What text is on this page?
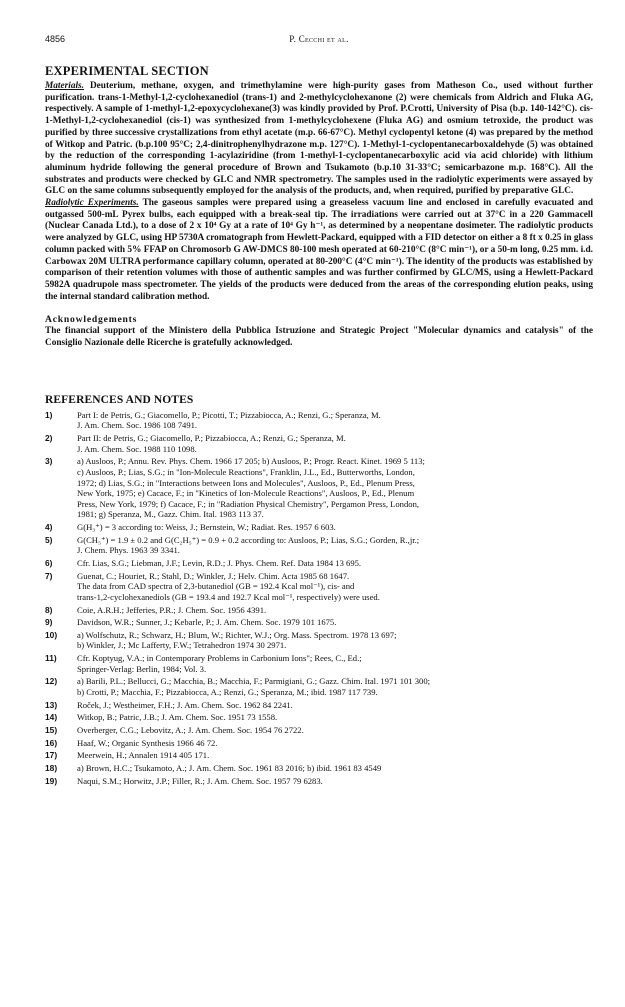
4856	P. Cecchi et al.
EXPERIMENTAL SECTION

Materials. Deuterium, methane, oxygen, and trimethylamine were high-purity gases from Matheson Co., used without further purification. trans-1-Methyl-1,2-cyclohexanediol (trans-1) and 2-methylcyclohexanone (2) were chemicals from Aldrich and Fluka AG, respectively. A sample of 1-methyl-1,2-epoxycyclohexane(3) was kindly provided by Prof. P.Crotti, University of Pisa (b.p. 140-142°C). cis-1-Methyl-1,2-cyclohexanediol (cis-1) was synthesized from 1-methylcyclohexene (Fluka AG) and osmium tetroxide, the product was purified by three successive crystallizations from ethyl acetate (m.p. 66-67°C). Methyl cyclopentyl ketone (4) was prepared by the method of Witkop and Patric. (b.p.100 95°C; 2,4-dinitrophenylhydrazone m.p. 127°C). 1-Methyl-1-cyclopentanecarboxaldehyde (5) was obtained by the reduction of the corresponding 1-acylaziridine (from 1-methyl-1-cyclopentanecarboxylic acid via acid chloride) with lithium aluminum hydride following the general procedure of Brown and Tsukamoto (b.p.10 31-33°C; semicarbazone m.p. 168°C). All the substrates and products were checked by GLC and NMR spectrometry. The samples used in the radiolytic experiments were assayed by GLC on the same columns subsequently employed for the analysis of the products, and, when required, purified by preparative GLC.

Radiolytic Experiments. The gaseous samples were prepared using a greaseless vacuum line and enclosed in carefully evacuated and outgassed 500-mL Pyrex bulbs, each equipped with a break-seal tip. The irradiations were carried out at 37°C in a 220 Gammacell (Nuclear Canada Ltd.), to a dose of 2 x 10⁴ Gy at a rate of 10⁴ Gy h⁻¹, as determined by a neopentane dosimeter. The radiolytic products were analyzed by GLC, using HP 5730A cromatograph from Hewlett-Packard, equipped with a FID detector on either a 8 ft x 0.25 in glass column packed with 5% FFAP on Chromosorb G AW-DMCS 80-100 mesh operated at 60-210°C (8°C min⁻¹), or a 50-m long, 0.25 mm. i.d. Carbowax 20M ULTRA performance capillary column, operated at 80-200°C (4°C min⁻¹). The identity of the products was established by comparison of their retention volumes with those of authentic samples and was further confirmed by GLC/MS, using a Hewlett-Packard 5982A quadrupole mass spectrometer. The yields of the products were deduced from the areas of the corresponding elution peaks, using the internal standard calibration method.

Acknowledgements

The financial support of the Ministero della Pubblica Istruzione and Strategic Project "Molecular dynamics and catalysis" of the Consiglio Nazionale delle Ricerche is gratefully acknowledged.

REFERENCES AND NOTES
1)	Part I: de Petris, G.; Giacomello, P.; Picotti, T.; Pizzabiocca, A.; Renzi, G.; Speranza, M.
J. Am. Chem. Soc. 1986 108 7491.
2)	Part II: de Petris, G.; Giacomello, P.; Pizzabiocca, A.; Renzi, G.; Speranza, M.
J. Am. Chem. Soc. 1988 110 1098.
3)	a) Ausloos, P.; Annu. Rev. Phys. Chem. 1966 17 205; b) Ausloos, P.; Progr. React. Kinet. 1969 5 113;
c) Ausloos, P.; Lias, S.G.; in "Ion-Molecule Reactions", Franklin, J.L., Ed., Butterworths, London,
1972; d) Lias, S.G.; in "Interactions between Ions and Molecules", Ausloos, P., Ed., Plenum Press,
New York, 1975; e) Cacace, F.; in "Kinetics of Ion-Molecule Reactions", Ausloos, P., Ed., Plenum
Press, New York, 1979; f) Cacace, F.; in "Radiation Physical Chemistry", Pergamon Press, London,
1981; g) Speranza, M., Gazz. Chim. Ital. 1983 113 37.
4)	G(H₃⁺) = 3 according to: Weiss, J.; Bernstein, W.; Radiat. Res. 1957 6 603.
5)	G(CH₅⁺) = 1.9 ± 0.2 and G(C₂H₅⁺) = 0.9 + 0.2 according to: Ausloos, P.; Lias, S.G.; Gorden, R.,jr.;
J. Chem. Phys. 1963 39 3341.
6)	Cfr. Lias, S.G.; Liebman, J.F.; Levin, R.D.; J. Phys. Chem. Ref. Data 1984 13 695.
7)	Guenat, C.; Houriet, R.; Stahl, D.; Winkler, J.; Helv. Chim. Acta 1985 68 1647.
The data from CAD spectra of 2,3-butanediol (GB = 192.4 Kcal mol⁻¹), cis- and
trans-1,2-cyclohexanediols (GB = 193.4 and 192.7 Kcal mol⁻¹, respectively) were used.
8)	Coie, A.R.H.; Jefferies, P.R.; J. Chem. Soc. 1956 4391.
9)	Davidson, W.R.; Sunner, J.; Kebarle, P.; J. Am. Chem. Soc. 1979 101 1675.
10)	a) Wolfschutz, R.; Schwarz, H.; Blum, W.; Richter, W.J.; Org. Mass. Spectrom. 1978 13 697;
b) Winkler, J.; Mc Lafferty, F.W.; Tetrahedron 1974 30 2971.
11)	Cfr. Koptyug, V.A.; in Contemporary Problems in Carbonium Ions"; Rees, C., Ed.;
Springer-Verlag: Berlin, 1984; Vol. 3.
12)	a) Barili, P.L.; Bellucci, G.; Macchia, B.; Macchia, F.; Parmigiani, G.; Gazz. Chim. Ital. 1971 101 300;
b) Crotti, P.; Macchia, F.; Pizzabiocca, A.; Renzi, G.; Speranza, M.; ibid. 1987 117 739.
13)	Roček, J.; Westheimer, F.H.; J. Am. Chem. Soc. 1962 84 2241.
14)	Witkop, B.; Patric, J.B.; J. Am. Chem. Soc. 1951 73 1558.
15)	Overberger, C.G.; Lebovitz, A.; J. Am. Chem. Soc. 1954 76 2722.
16)	Haaf, W.; Organic Synthesis 1966 46 72.
17)	Meerwein, H.; Annalen 1914 405 171.
18)	a) Brown, H.C.; Tsukamoto, A.; J. Am. Chem. Soc. 1961 83 2016; b) ibid. 1961 83 4549
19)	Naqui, S.M.; Horwitz, J.P.; Filler, R.; J. Am. Chem. Soc. 1957 79 6283.
